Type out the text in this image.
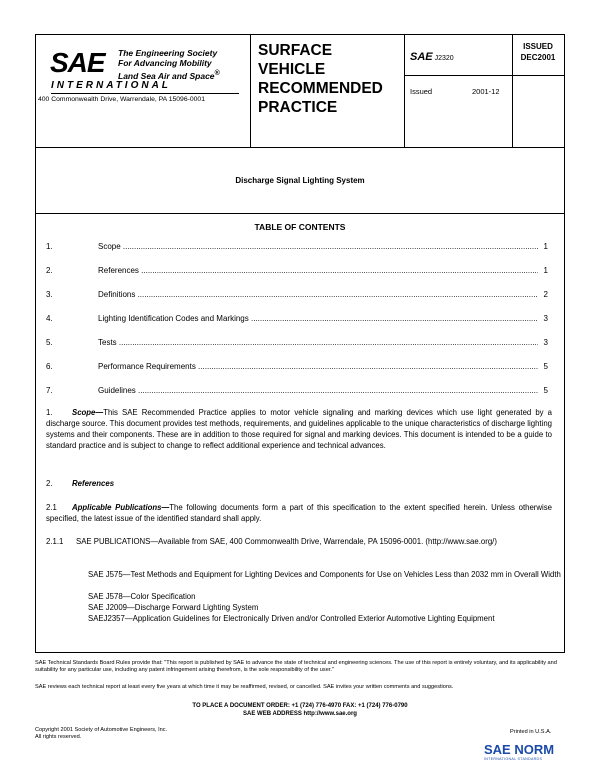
SAE The Engineering Society
For Advancing Mobility
Land Sea Air and Space®
INTERNATIONAL
400 Commonwealth Drive, Warrendale, PA 15096-0001
SURFACE
VEHICLE
RECOMMENDED
PRACTICE
SAE J2320
Issued	2001-12
ISSUED
DEC2001
Discharge Signal Lighting System
TABLE OF CONTENTS
1.	Scope .....	1
2.	References .....	1
3.	Definitions .....	2
4.	Lighting Identification Codes and Markings .....	3
5.	Tests .....	3
6.	Performance Requirements .....	5
7.	Guidelines .....	5
1.	Scope—This SAE Recommended Practice applies to motor vehicle signaling and marking devices which use light generated by a discharge source. This document provides test methods, requirements, and guidelines applicable to the unique characteristics of discharge lighting systems and their components. These are in addition to those required for signal and marking devices. This document is intended to be a guide to standard practice and is subject to change to reflect additional experience and technical advances.
2. References
2.1	Applicable Publications—The following documents form a part of this specification to the extent specified herein. Unless otherwise specified, the latest issue of the identified standard shall apply.
2.1.1 SAE PUBLICATIONS—Available from SAE, 400 Commonwealth Drive, Warrendale, PA 15096-0001. (http://www.sae.org/)
SAE J575—Test Methods and Equipment for Lighting Devices and Components for Use on Vehicles Less than 2032 mm in Overall Width
SAE J578—Color Specification
SAE J2009—Discharge Forward Lighting System
SAEJ2357—Application Guidelines for Electronically Driven and/or Controlled Exterior Automotive Lighting Equipment
SAE Technical Standards Board Rules provide that: "This report is published by SAE to advance the state of technical and engineering sciences. The use of this report is entirely voluntary, and its applicability and suitability for any particular use, including any patent infringement arising therefrom, is the sole responsibility of the user."
SAE reviews each technical report at least every five years at which time it may be reaffirmed, revised, or cancelled. SAE invites your written comments and suggestions.
TO PLACE A DOCUMENT ORDER: +1 (724) 776-4970 FAX: +1 (724) 776-0790
SAE WEB ADDRESS http://www.sae.org
Copyright 2001 Society of Automotive Engineers, Inc.
All rights reserved.
Printed in U.S.A.
SAE NORM
INTERNATIONAL STANDARDS
